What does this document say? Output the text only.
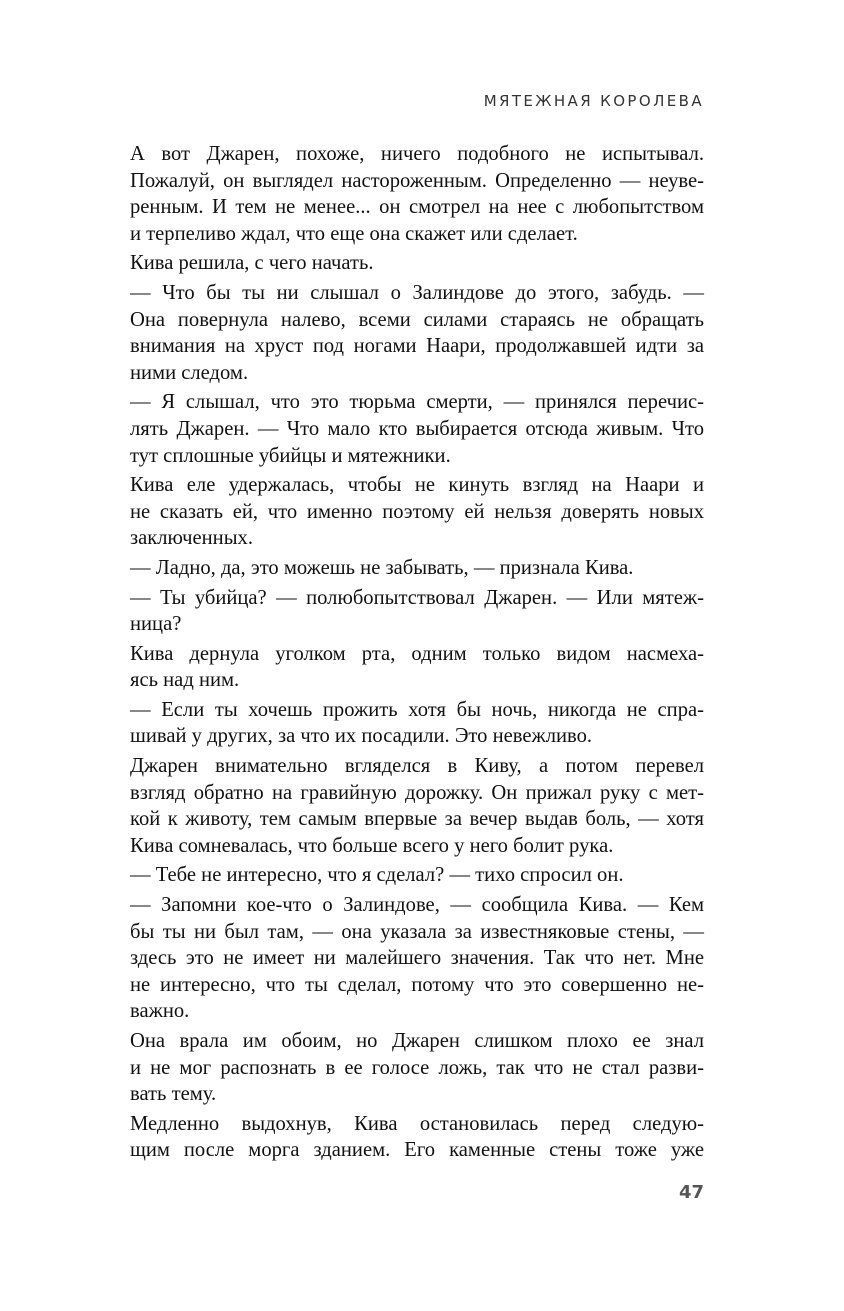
МЯТЕЖНАЯ КОРОЛЕВА
А вот Джарен, похоже, ничего подобного не испытывал.
Пожалуй, он выглядел настороженным. Определенно — неуве-
ренным. И тем не менее... он смотрел на нее с любопытством
и терпеливо ждал, что еще она скажет или сделает.
Кива решила, с чего начать.
— Что бы ты ни слышал о Залиндове до этого, забудь. —
Она повернула налево, всеми силами стараясь не обращать
внимания на хруст под ногами Наари, продолжавшей идти за
ними следом.
— Я слышал, что это тюрьма смерти, — принялся перечис-
лять Джарен. — Что мало кто выбирается отсюда живым. Что
тут сплошные убийцы и мятежники.
Кива еле удержалась, чтобы не кинуть взгляд на Наари и
не сказать ей, что именно поэтому ей нельзя доверять новых
заключенных.
— Ладно, да, это можешь не забывать, — признала Кива.
— Ты убийца? — полюбопытствовал Джарен. — Или мятеж-
ница?
Кива дернула уголком рта, одним только видом насмеха-
ясь над ним.
— Если ты хочешь прожить хотя бы ночь, никогда не спра-
шивай у других, за что их посадили. Это невежливо.
Джарен внимательно вгляделся в Киву, а потом перевел
взгляд обратно на гравийную дорожку. Он прижал руку с мет-
кой к животу, тем самым впервые за вечер выдав боль, — хотя
Кива сомневалась, что больше всего у него болит рука.
— Тебе не интересно, что я сделал? — тихо спросил он.
— Запомни кое-что о Залиндове, — сообщила Кива. — Кем
бы ты ни был там, — она указала за известняковые стены, —
здесь это не имеет ни малейшего значения. Так что нет. Мне
не интересно, что ты сделал, потому что это совершенно не-
важно.
Она врала им обоим, но Джарен слишком плохо ее знал
и не мог распознать в ее голосе ложь, так что не стал разви-
вать тему.
Медленно выдохнув, Кива остановилась перед следую-
щим после морга зданием. Его каменные стены тоже уже
47
